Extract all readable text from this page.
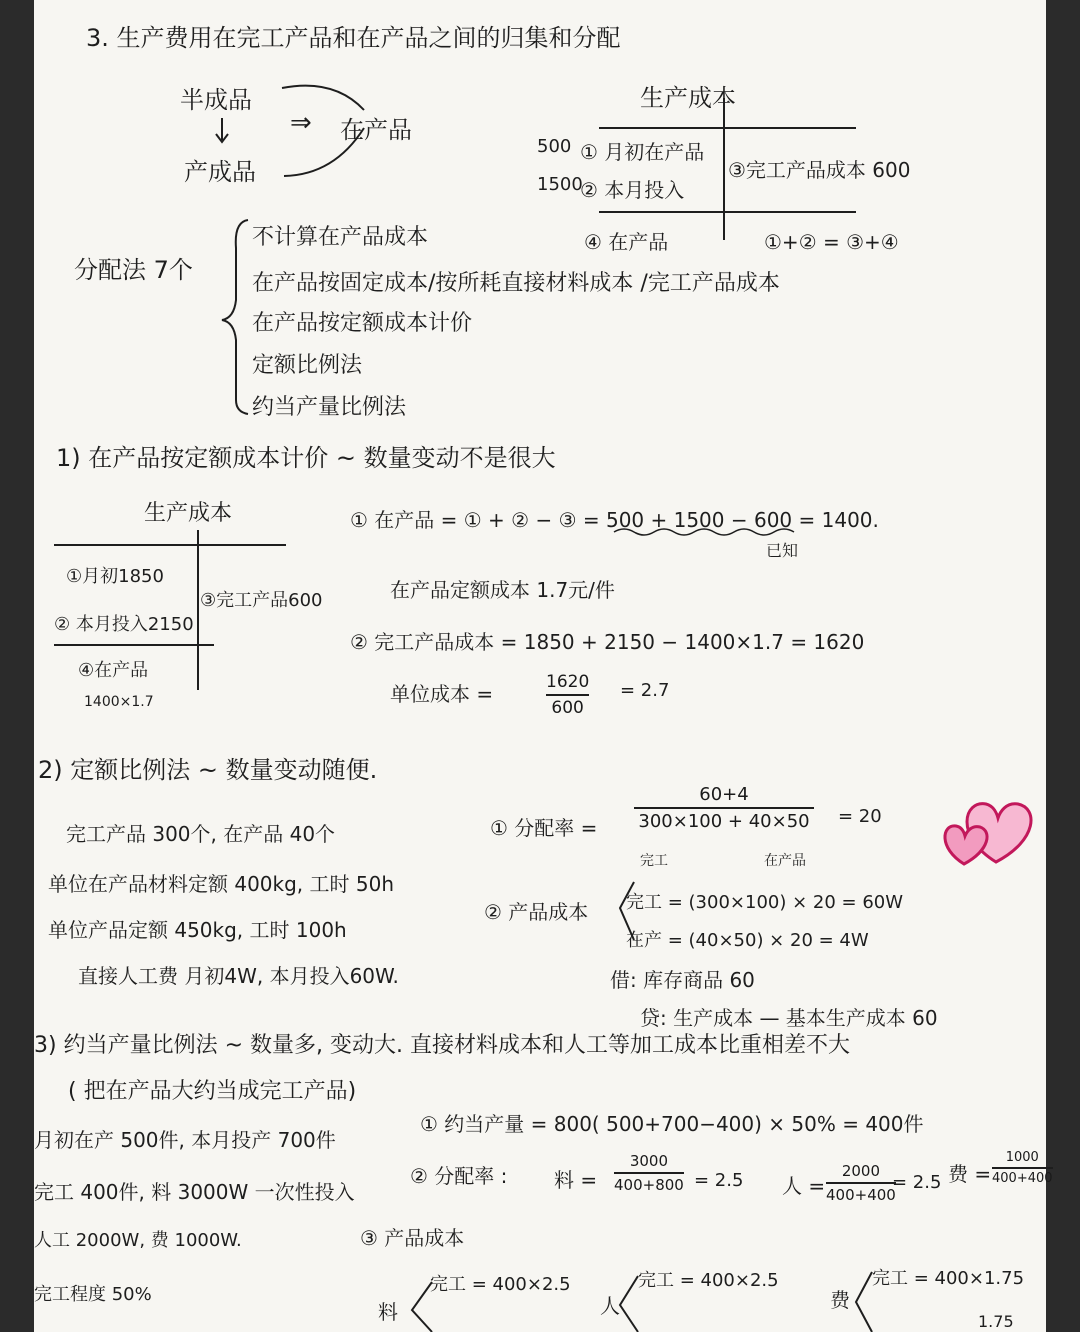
3. 生产费用在完工产品和在产品之间的归集和分配
半成品
产成品
⇒ 在产品
生产成本
500 ① 月初在产品
1500
② 本月投入
③完工产品成本 600
④ 在产品	①+② = ③+④
分配法 7个
不计算在产品成本
在产品按固定成本/按所耗直接材料成本 /完工产品成本
在产品按定额成本计价
定额比例法
约当产量比例法
1) 在产品按定额成本计价 ~ 数量变动不是很大
生产成本
①月初1850
② 本月投入2150
③完工产品600
④在产品
1400×1.7
① 在产品 = ① + ② − ③ = 500 + 1500 − 600 = 1400.
已知
在产品定额成本 1.7元/件
② 完工产品成本 = 1850 + 2150 − 1400×1.7 = 1620
单位成本 =	1620
600
= 2.7
2) 定额比例法 ~ 数量变动随便.
完工产品 300个, 在产品 40个
单位在产品材料定额 400kg, 工时 50h
单位产品定额 450kg, 工时 100h
直接人工费 月初4W, 本月投入60W.
① 分配率 =
60+4
300×100 + 40×50 = 20
完工	在产品
② 产品成本 完工 = (300×100) × 20 = 60W
在产 = (40×50) × 20 = 4W
借: 库存商品 60
贷: 生产成本 — 基本生产成本 60
3) 约当产量比例法 ~ 数量多, 变动大. 直接材料成本和人工等加工成本比重相差不大
( 把在产品大约当成完工产品)
月初在产 500件, 本月投产 700件
完工 400件, 料 3000W 一次性投入
人工 2000W, 费 1000W.
完工程度 50%
① 约当产量 = 800( 500+700−400) × 50% = 400件
② 分配率 : 料 =
3000
400+800 = 2.5 人 =
2000
400+400
= 2.5 费 =
1000
400+400
③ 产品成本
料
完工 = 400×2.5
人
完工 = 400×2.5
费
完工 = 400×1.75
1.75
